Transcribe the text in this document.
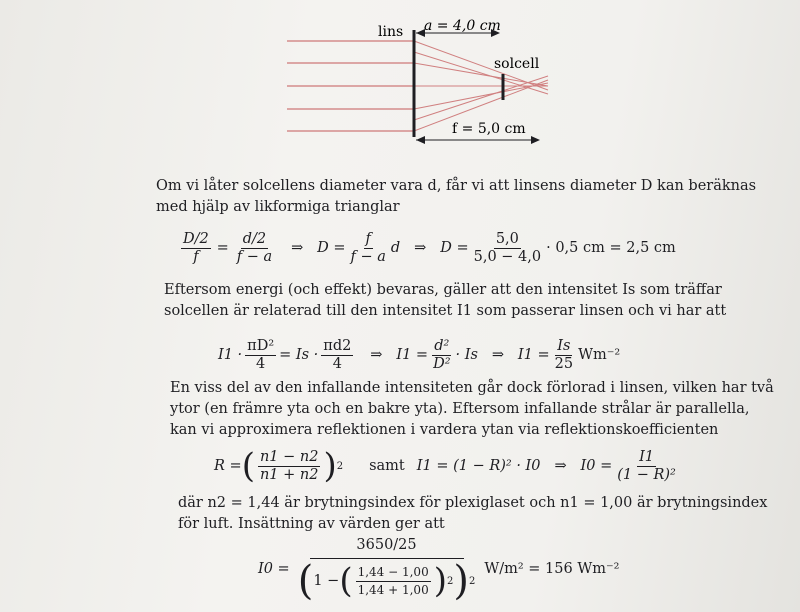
lins a = 4,0 cm
solcell
f = 5,0 cm
Om vi låter solcellens diameter vara d, får vi att linsens diameter D kan beräknas
med hjälp av likformiga trianglar
$\frac{D/2}{f} = \frac{d/2}{f - a}$	⇒ $D = \frac{f}{f - a}$ d ⇒ $D = \frac{5,0}{5,0 - 4,0} \cdot 0,5$ cm = 2,5 cm
Eftersom energi (och effekt) bevaras, gäller att den intensitet Is som träffar
solcellen är relaterad till den intensitet I1 som passerar linsen och vi har att
$I1 \cdot \frac{\text{πD²}}{4} = Is \cdot \frac{\pi d2}{4}$	⇒ $I1 = \frac{\text{d²}}{\text{D²}} \cdot Is$ ⇒ $I1 = \frac{Is}{25} Wm^{-2}$
En viss del av den infallande intensiteten går dock förlorad i linsen, vilken har två
ytor (en främre yta och en bakre yta). Eftersom infallande strålar är parallella,
kan vi approximera reflektionen i vardera ytan via reflektionskoefficienten
R = ( $\frac{n1 - n2}{n1 + n2}$ ) 2 samt I1 = (1 − R)² · I0 ⇒ $I0 = \frac{I1}{\text{(1 − R)²}}$
där n2 = 1,44 är brytningsindex för plexiglaset och n1 = 1,00 är brytningsindex
för luft. Insättning av värden ger att
I0 =
3650/25
( 1 − ( $\frac{1,44 - 1,00}{1,44 + 1,00}$ ) 2 ) 2
W/m² = 156 Wm⁻²
